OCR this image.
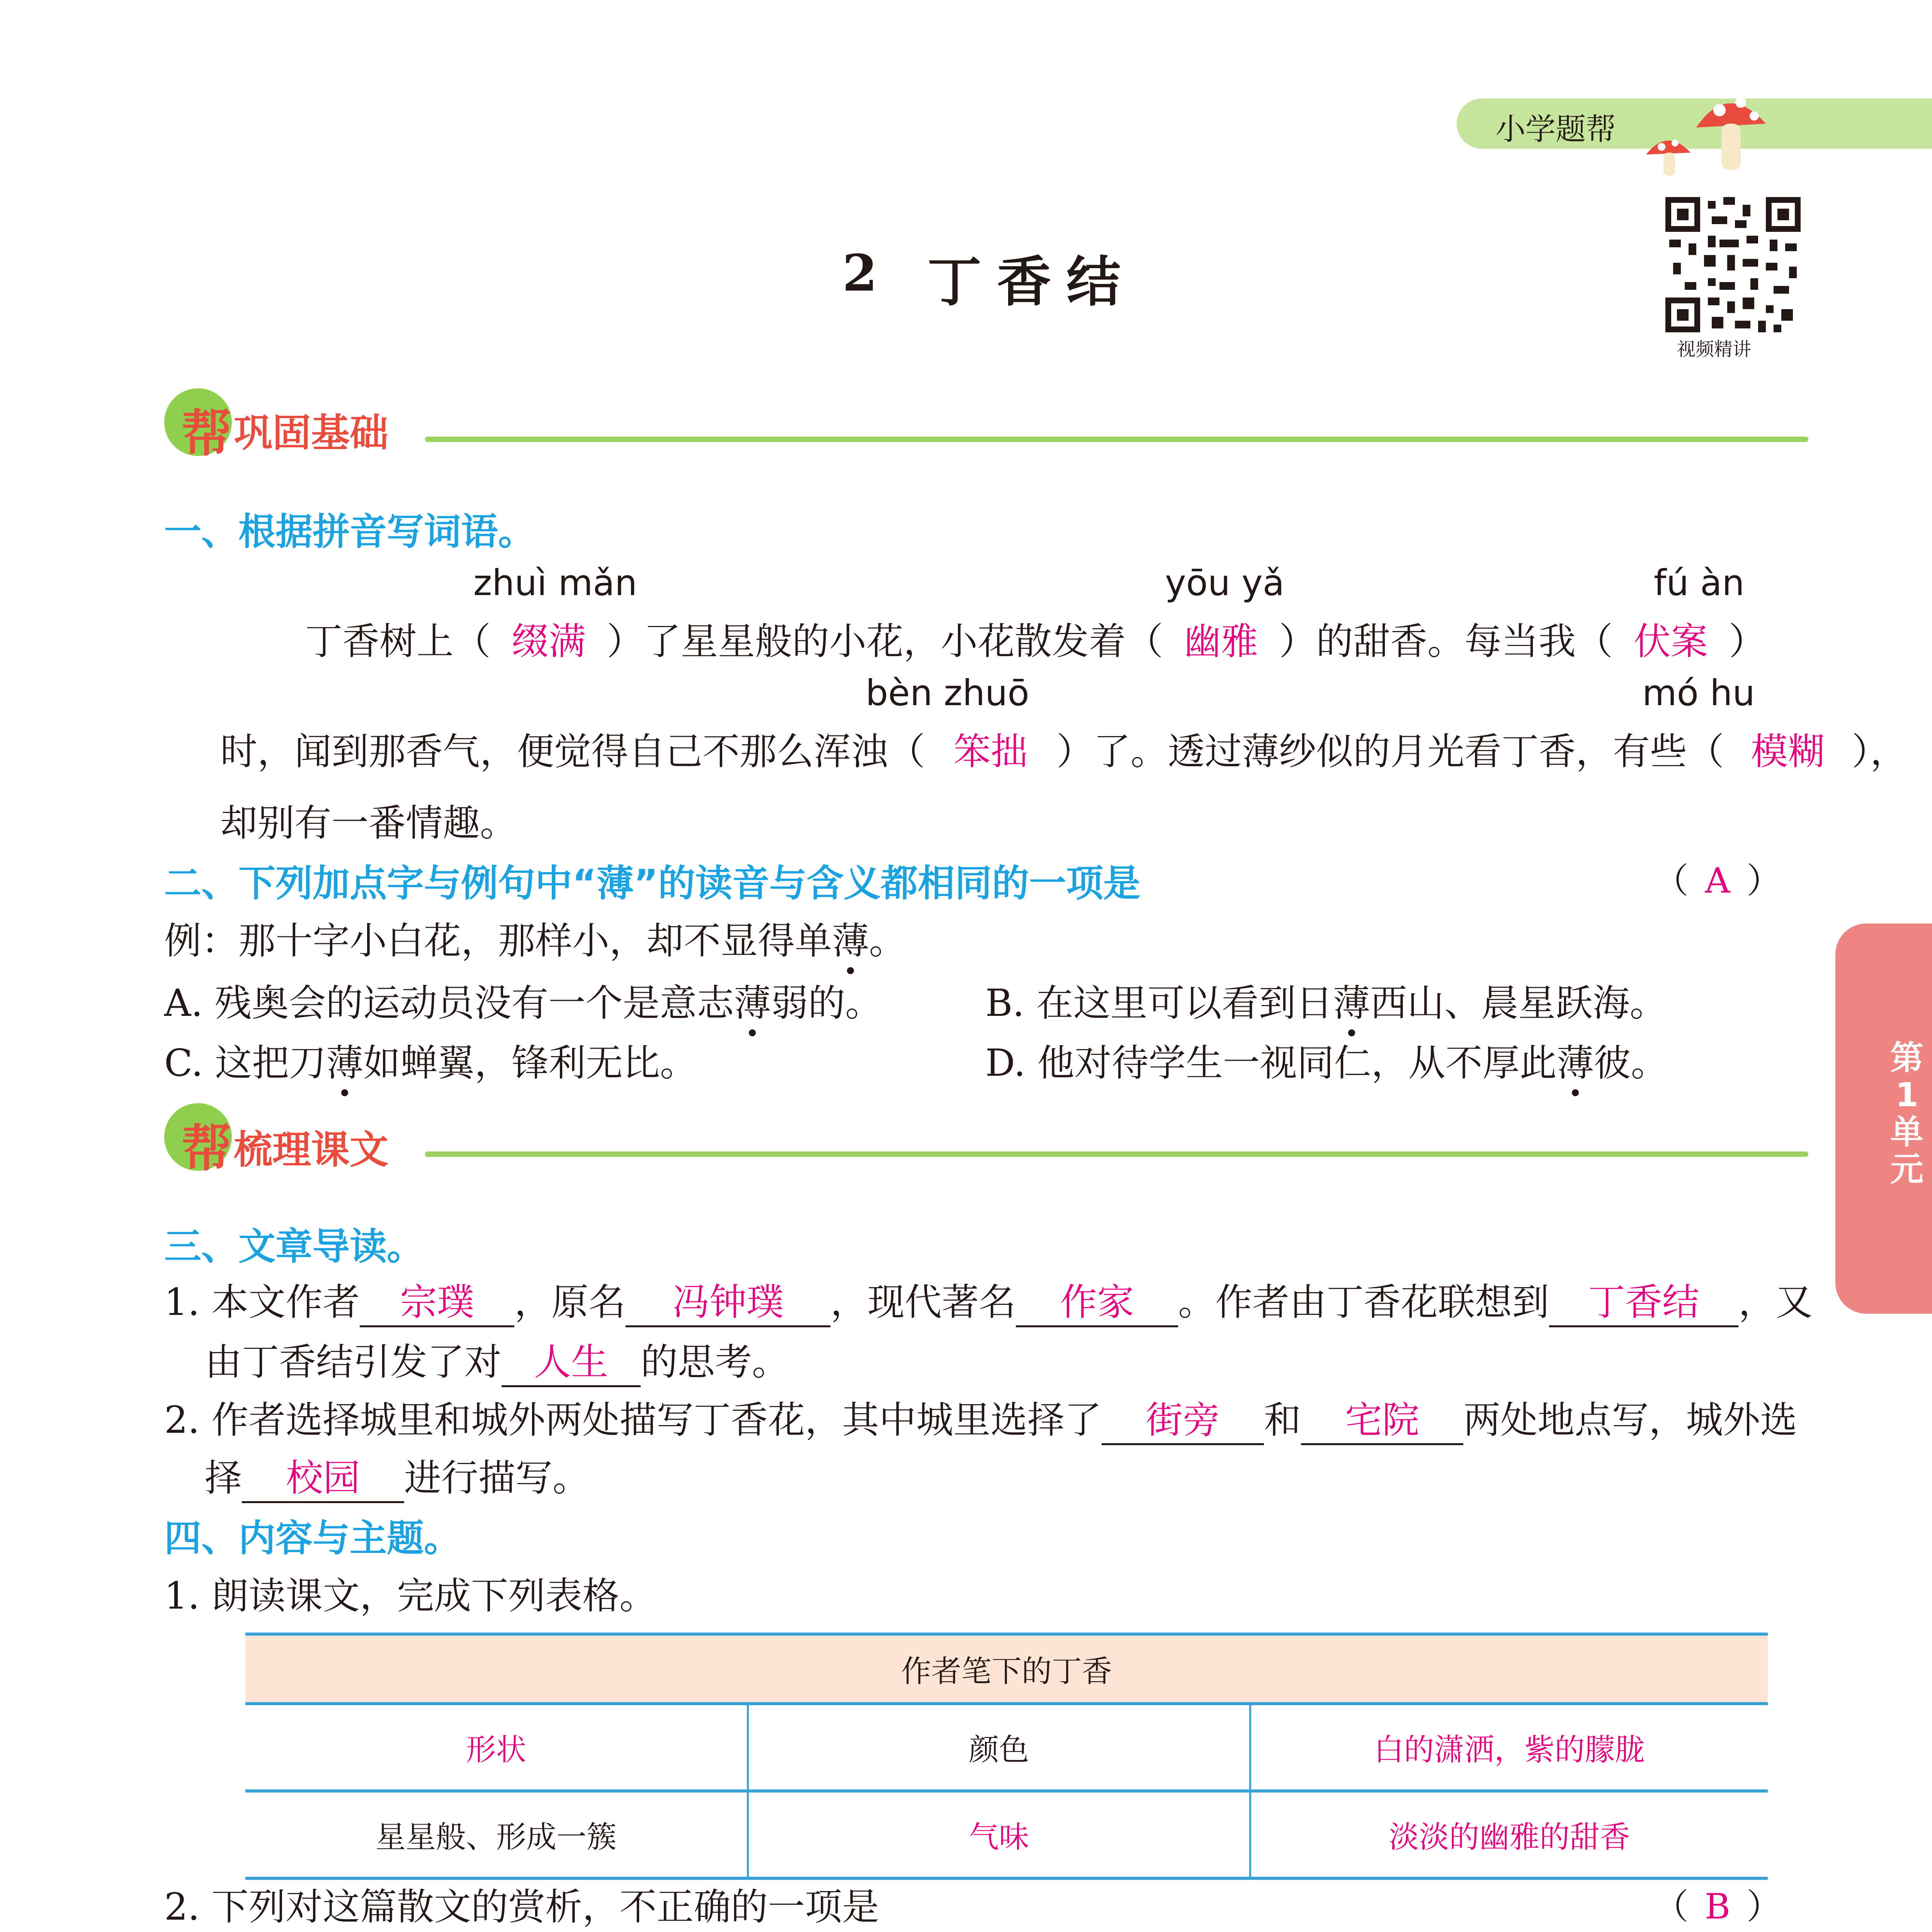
小学题帮
视频精讲
2 丁香结
第
1
单
元
帮 巩固基础
一、根据拼音写词语。
zhuì mǎn	yōu yǎ	fú àn
丁香树上（ 缀满 ）了星星般的小花，小花散发着（ 幽雅 ）的甜香。每当我（ 伏案 ）
bèn zhuō	mó hu
时，闻到那香气，便觉得自己不那么浑浊（ 笨拙 ）了。透过薄纱似的月光看丁香，有些（ 模糊 ），
却别有一番情趣。
二、下列加点字与例句中“薄”的读音与含义都相同的一项是	（ A ）
例：那十字小白花，那样小，却不显得单薄。
A. 残奥会的运动员没有一个是意志薄弱的。	B. 在这里可以看到日薄西山、晨星跃海。
C. 这把刀薄如蝉翼，锋利无比。	D. 他对待学生一视同仁，从不厚此薄彼。
帮 梳理课文
三、文章导读。
1. 本文作者 宗璞 ，原名 冯钟璞 ，现代著名 作家 。作者由丁香花联想到 丁香结 ，又
由丁香结引发了对 人生 的思考。
2. 作者选择城里和城外两处描写丁香花，其中城里选择了 街旁 和 宅院 两处地点写，城外选
择 校园 进行描写。
四、内容与主题。
1. 朗读课文，完成下列表格。
作者笔下的丁香		
形状	颜色	白的潇洒，紫的朦胧
星星般、形成一簇	气味	淡淡的幽雅的甜香
2. 下列对这篇散文的赏析，不正确的一项是	（ B ）
